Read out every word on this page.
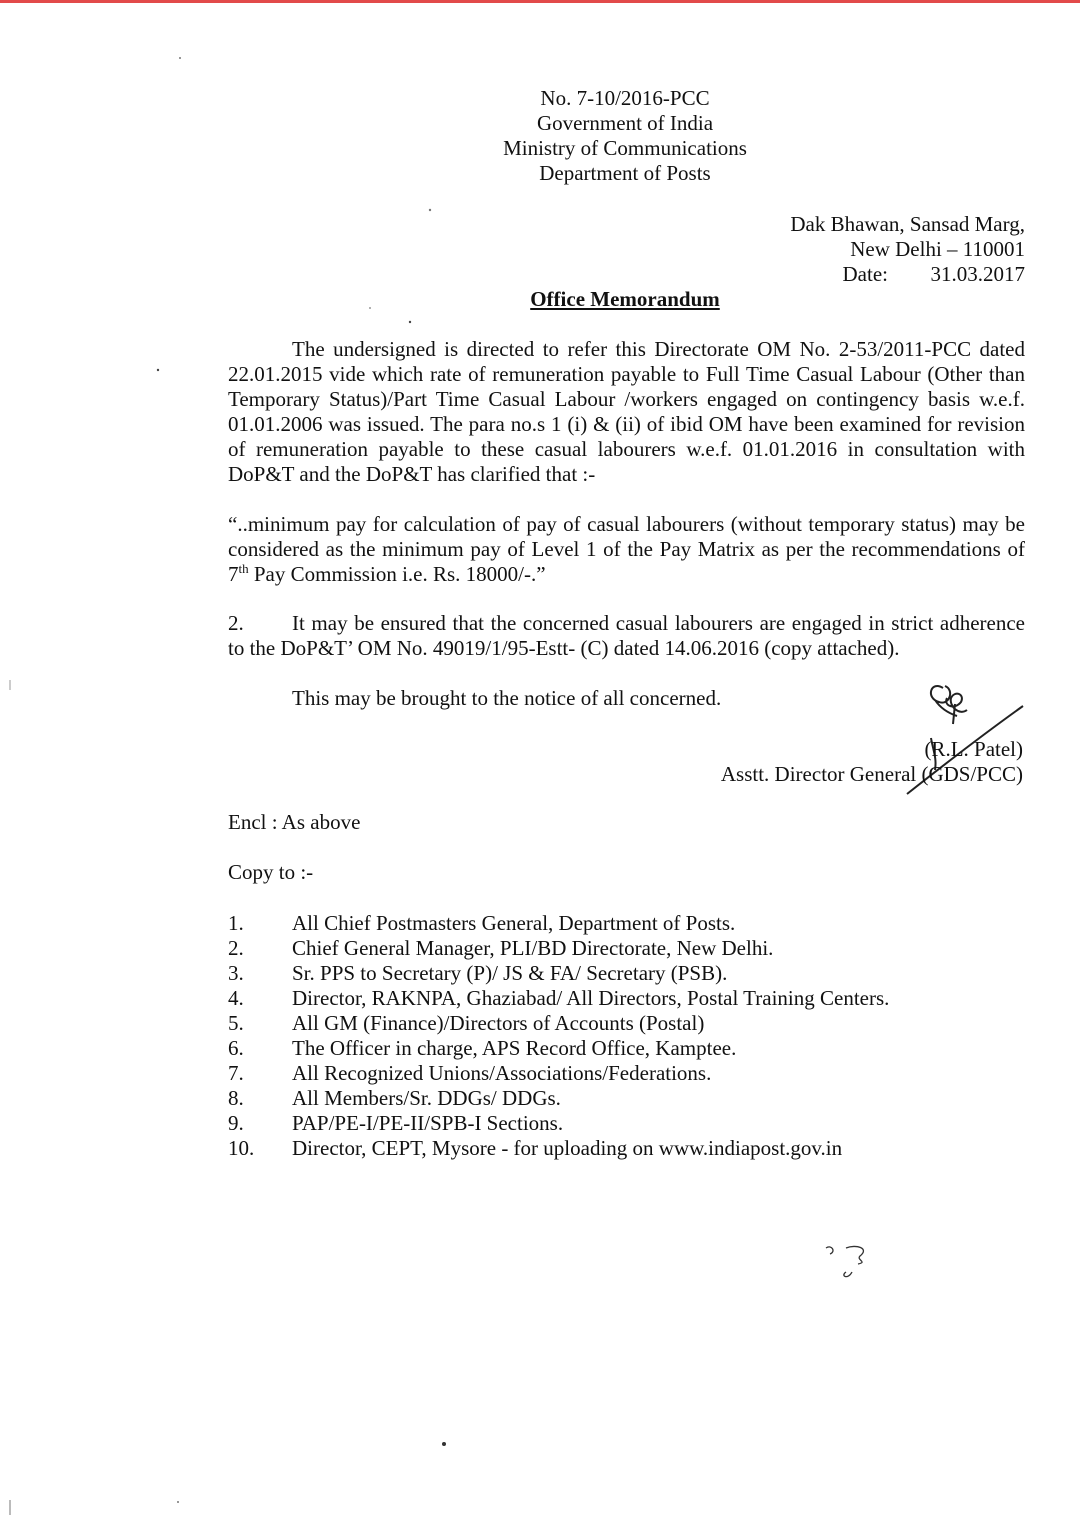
No. 7-10/2016-PCC
Government of India
Ministry of Communications
Department of Posts
Dak Bhawan, Sansad Marg,
New Delhi – 110001
Date: 31.03.2017
Office Memorandum
The undersigned is directed to refer this Directorate OM No. 2-53/2011-PCC dated 22.01.2015 vide which rate of remuneration payable to Full Time Casual Labour (Other than Temporary Status)/Part Time Casual Labour /workers engaged on contingency basis w.e.f. 01.01.2006 was issued. The para no.s 1 (i) & (ii) of ibid OM have been examined for revision of remuneration payable to these casual labourers w.e.f. 01.01.2016 in consultation with DoP&T and the DoP&T has clarified that :-
“..minimum pay for calculation of pay of casual labourers (without temporary status) may be considered as the minimum pay of Level 1 of the Pay Matrix as per the recommendations of 7th Pay Commission i.e. Rs. 18000/-.”
2. It may be ensured that the concerned casual labourers are engaged in strict adherence to the DoP&T’ OM No. 49019/1/95-Estt- (C) dated 14.06.2016 (copy attached).
This may be brought to the notice of all concerned.
(R.L. Patel)
Asstt. Director General (GDS/PCC)
Encl : As above
Copy to :-
1.	All Chief Postmasters General, Department of Posts.
2.	Chief General Manager, PLI/BD Directorate, New Delhi.
3.	Sr. PPS to Secretary (P)/ JS & FA/ Secretary (PSB).
4.	Director, RAKNPA, Ghaziabad/ All Directors, Postal Training Centers.
5.	All GM (Finance)/Directors of Accounts (Postal)
6.	The Officer in charge, APS Record Office, Kamptee.
7.	All Recognized Unions/Associations/Federations.
8.	All Members/Sr. DDGs/ DDGs.
9.	PAP/PE-I/PE-II/SPB-I Sections.
10.	Director, CEPT, Mysore - for uploading on www.indiapost.gov.in
